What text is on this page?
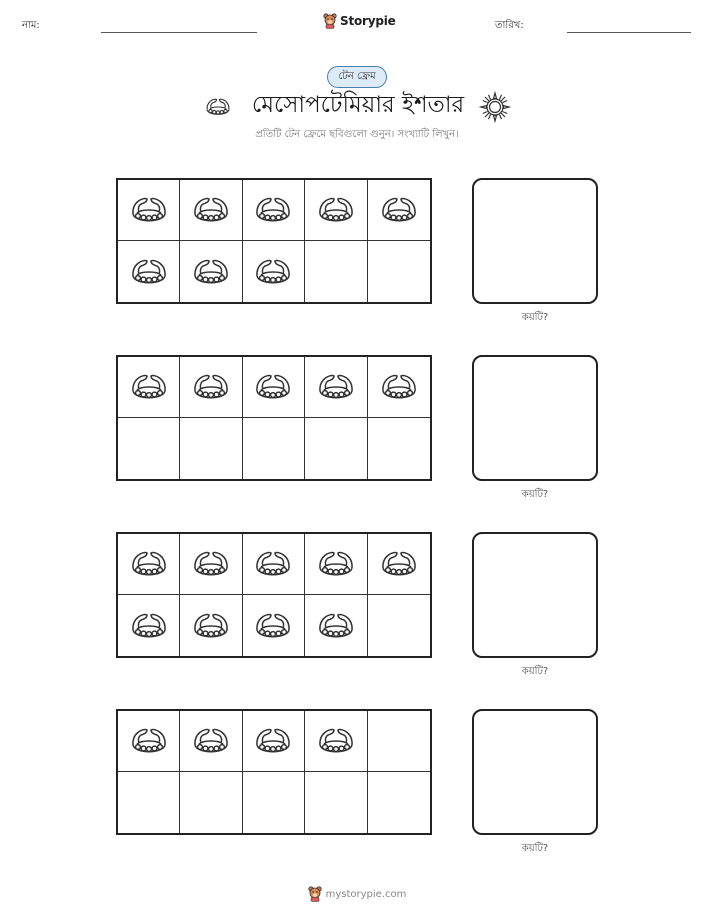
নাম:	Storypie	তারিখ:
টেন ফ্রেম
মেসোপটেমিয়ার ইশতার
প্রতিটি টেন ফ্রেমে ছবিগুলো গুনুন। সংখ্যাটি লিখুন।
কয়টি?
কয়টি?
কয়টি?
কয়টি?
mystorypie.com
